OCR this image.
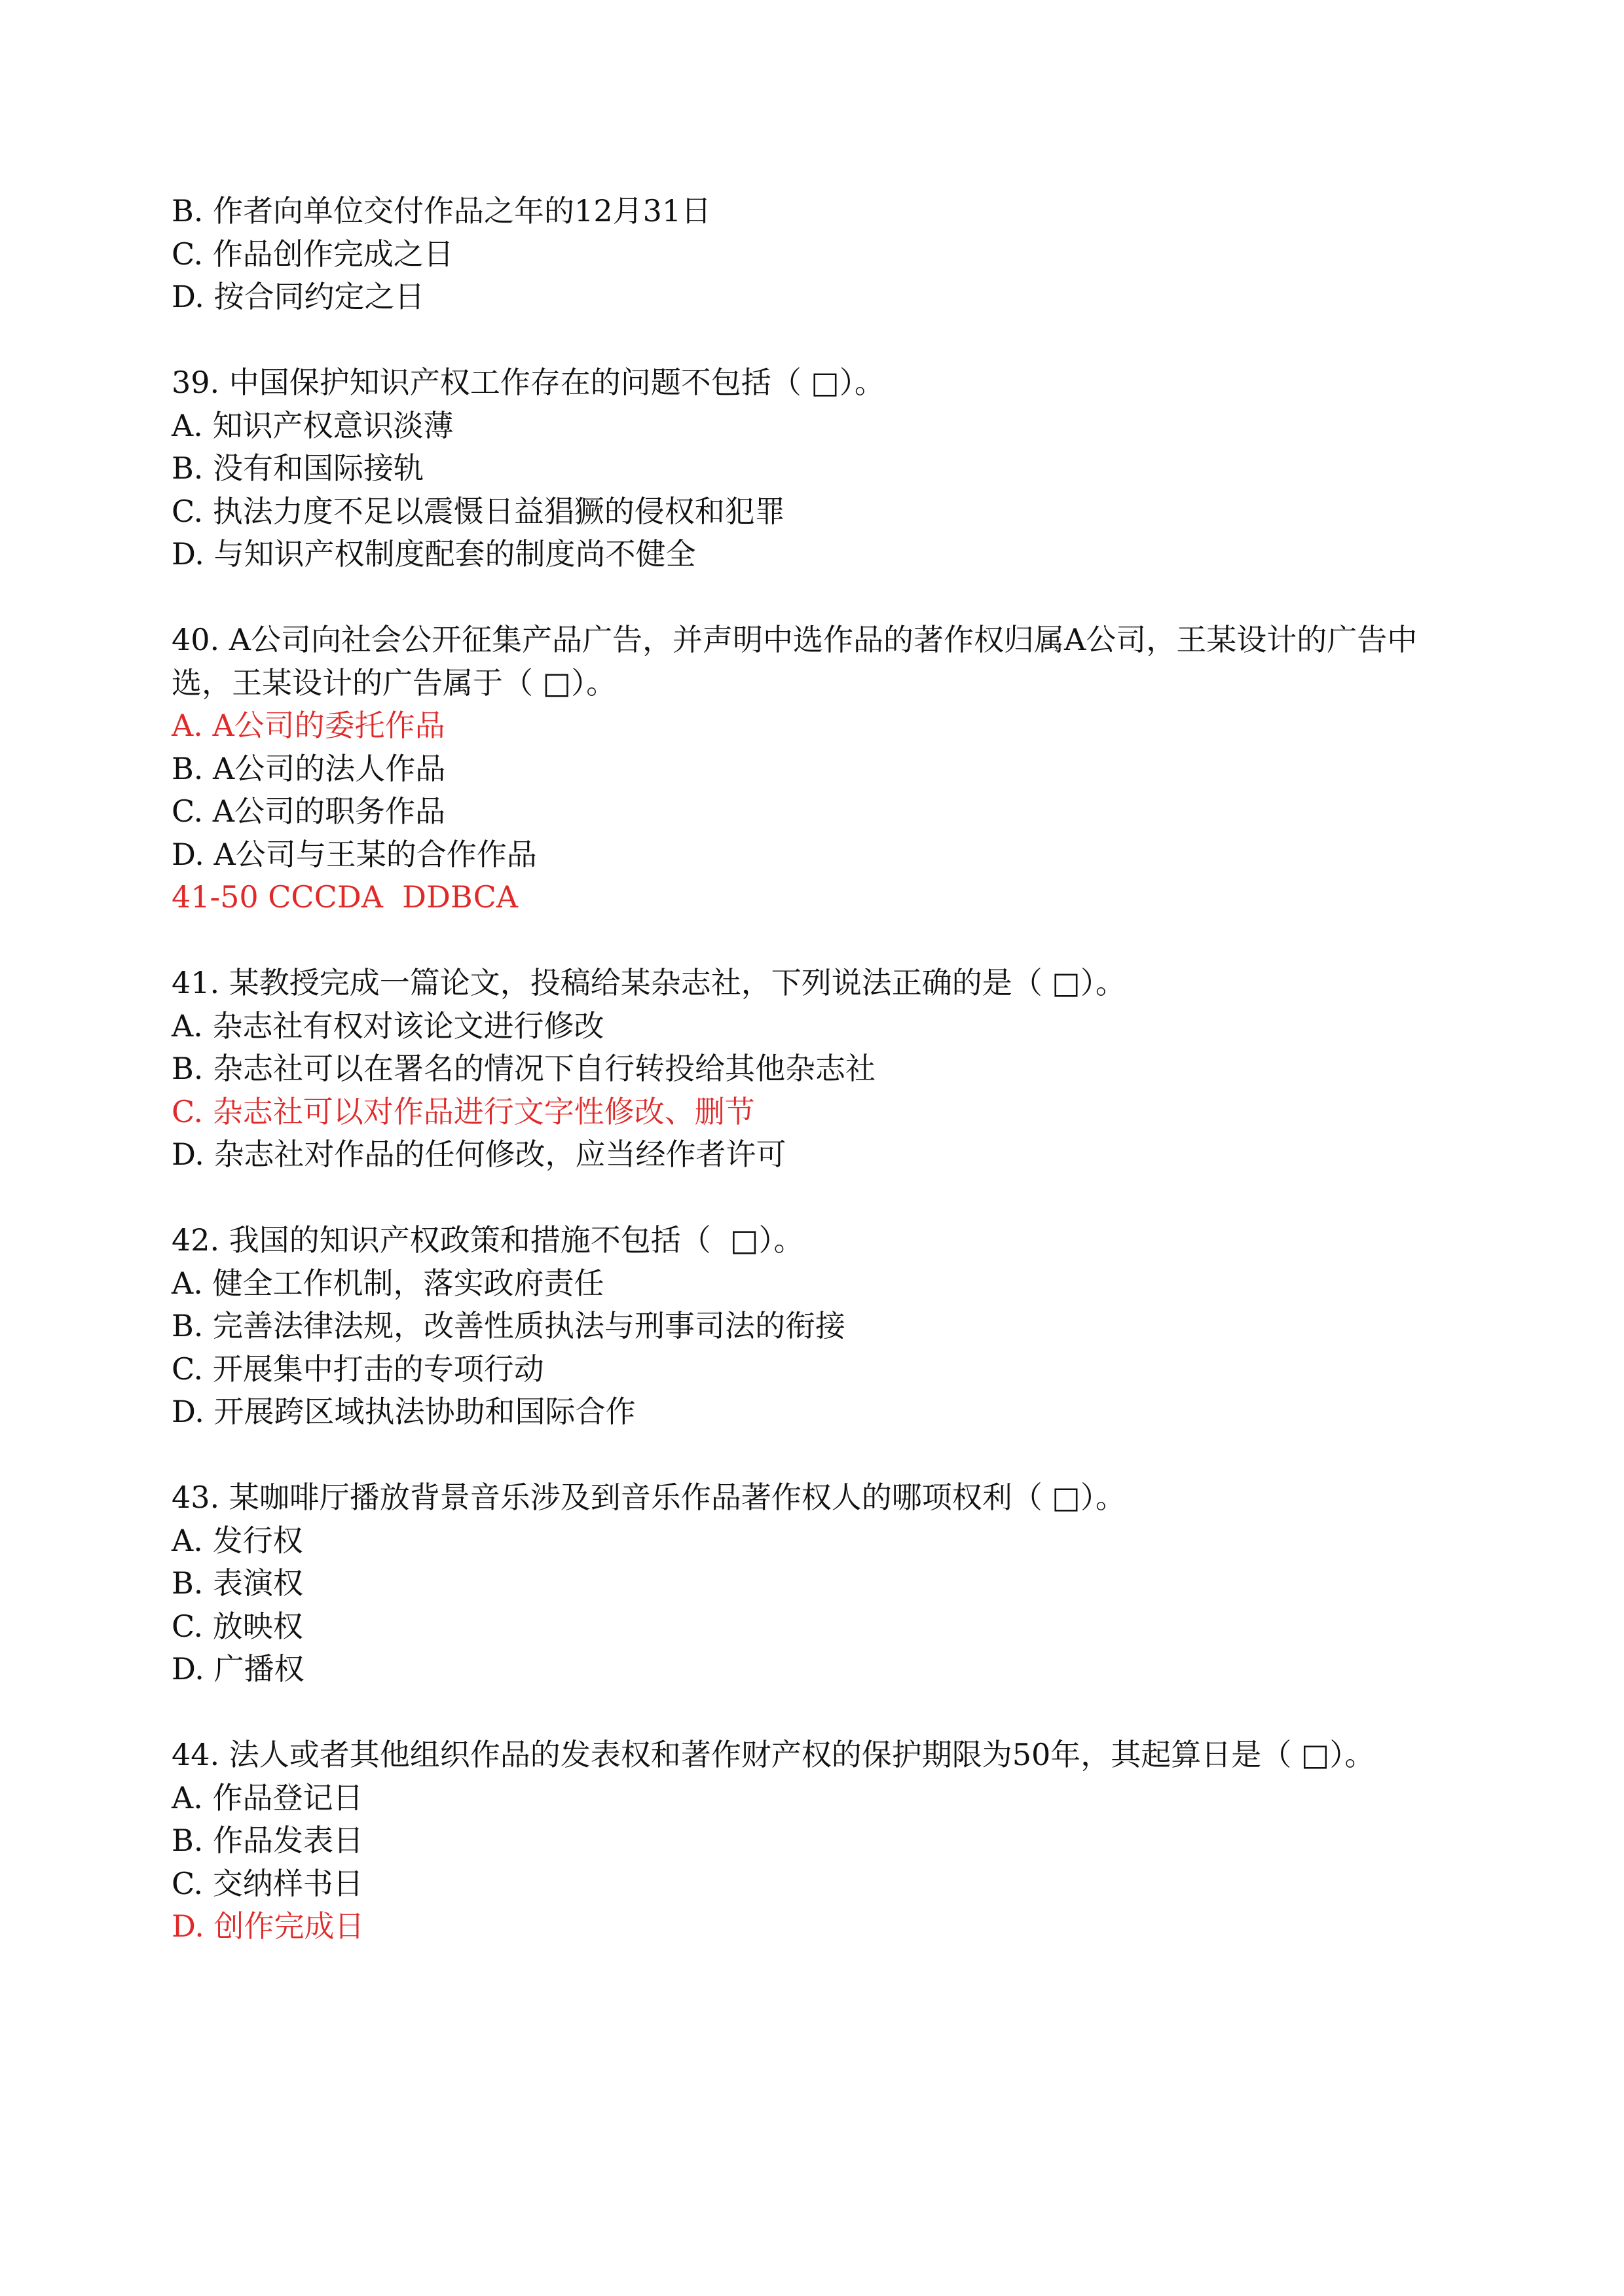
B. 作者向单位交付作品之年的12月31日
C. 作品创作完成之日
D. 按合同约定之日
39. 中国保护知识产权工作存在的问题不包括（ □）。
A. 知识产权意识淡薄
B. 没有和国际接轨
C. 执法力度不足以震慑日益猖獗的侵权和犯罪
D. 与知识产权制度配套的制度尚不健全
40. A公司向社会公开征集产品广告，并声明中选作品的著作权归属A公司，王某设计的广告中选，王某设计的广告属于（ □）。
A. A公司的委托作品
B. A公司的法人作品
C. A公司的职务作品
D. A公司与王某的合作作品
41-50 CCCDA  DDBCA
41. 某教授完成一篇论文，投稿给某杂志社，下列说法正确的是（ □）。
A. 杂志社有权对该论文进行修改
B. 杂志社可以在署名的情况下自行转投给其他杂志社
C. 杂志社可以对作品进行文字性修改、删节
D. 杂志社对作品的任何修改，应当经作者许可
42. 我国的知识产权政策和措施不包括（  □）。
A. 健全工作机制，落实政府责任
B. 完善法律法规，改善性质执法与刑事司法的衔接
C. 开展集中打击的专项行动
D. 开展跨区域执法协助和国际合作
43. 某咖啡厅播放背景音乐涉及到音乐作品著作权人的哪项权利（ □）。
A. 发行权
B. 表演权
C. 放映权
D. 广播权
44. 法人或者其他组织作品的发表权和著作财产权的保护期限为50年，其起算日是（ □）。
A. 作品登记日
B. 作品发表日
C. 交纳样书日
D. 创作完成日
